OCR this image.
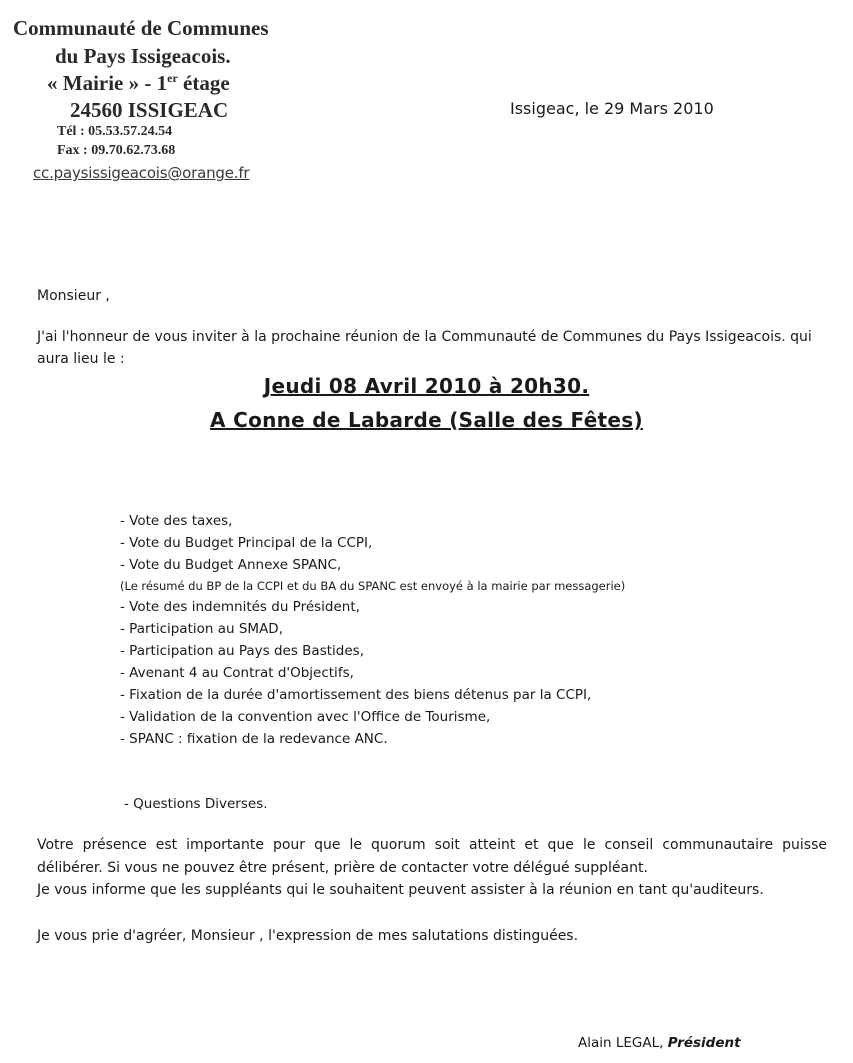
Communauté de Communes
du Pays Issigeacois.
« Mairie » - 1er étage
24560 ISSIGEAC
Tél : 05.53.57.24.54
Fax : 09.70.62.73.68
cc.paysissigeacois@orange.fr
Issigeac, le 29 Mars 2010
Monsieur ,
J'ai l'honneur de vous inviter à la prochaine réunion de la Communauté de Communes du Pays Issigeacois. qui
aura lieu le :
Jeudi 08 Avril 2010 à 20h30.
A Conne de Labarde (Salle des Fêtes)
- Vote des taxes,
- Vote du Budget Principal de la CCPI,
- Vote du Budget Annexe SPANC,
(Le résumé du BP de la CCPI et du BA du SPANC est envoyé à la mairie par messagerie)
- Vote des indemnités du Président,
- Participation au SMAD,
- Participation au Pays des Bastides,
- Avenant 4 au Contrat d'Objectifs,
- Fixation de la durée d'amortissement des biens détenus par la CCPI,
- Validation de la convention avec l'Office de Tourisme,
- SPANC : fixation de la redevance ANC.
- Questions Diverses.
Votre présence est importante pour que le quorum soit atteint et que le conseil communautaire puisse
délibérer. Si vous ne pouvez être présent, prière de contacter votre délégué suppléant.
Je vous informe que les suppléants qui le souhaitent peuvent assister à la réunion en tant qu'auditeurs.
Je vous prie d'agréer, Monsieur , l'expression de mes salutations distinguées.
Alain LEGAL, Président
